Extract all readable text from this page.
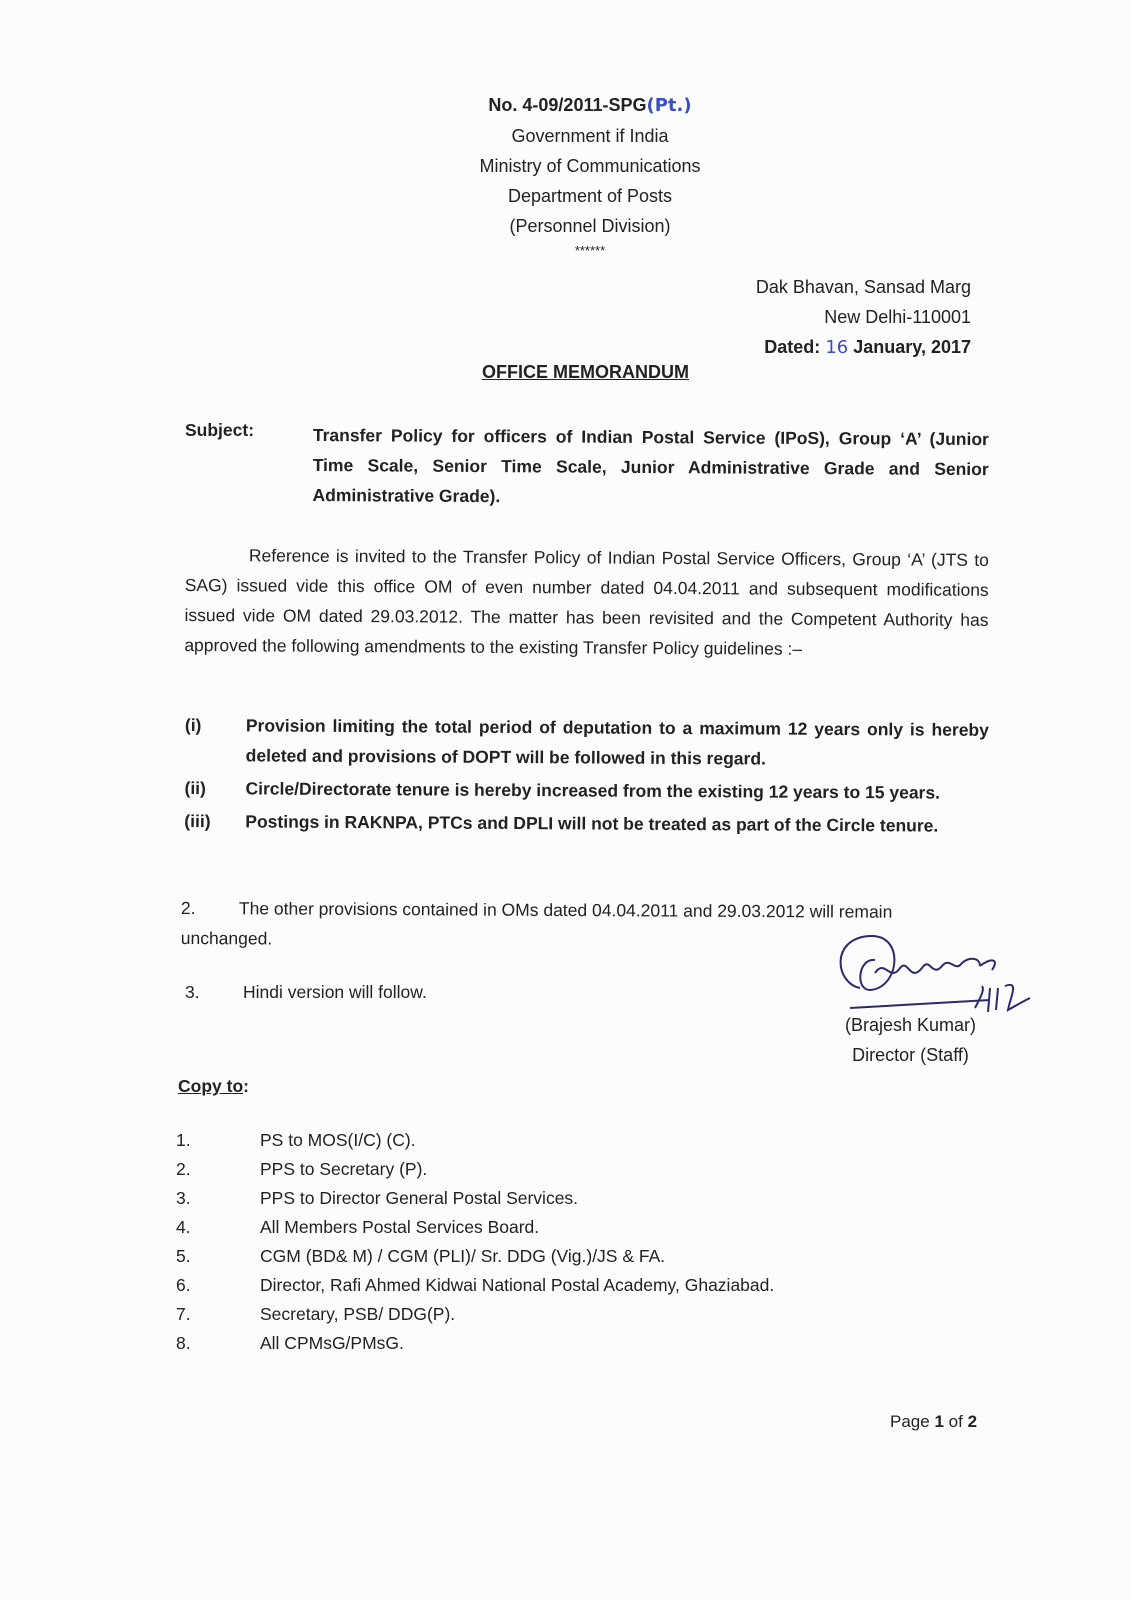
No. 4-09/2011-SPG(Pt.)
Government if India
Ministry of Communications
Department of Posts
(Personnel Division)
******
Dak Bhavan, Sansad Marg
New Delhi-110001
Dated: 16 January, 2017
OFFICE MEMORANDUM
Subject:	Transfer Policy for officers of Indian Postal Service (IPoS), Group ‘A’ (Junior Time Scale, Senior Time Scale, Junior Administrative Grade and Senior Administrative Grade).

Reference is invited to the Transfer Policy of Indian Postal Service Officers, Group ‘A’ (JTS to SAG) issued vide this office OM of even number dated 04.04.2011 and subsequent modifications issued vide OM dated 29.03.2012. The matter has been revisited and the Competent Authority has approved the following amendments to the existing Transfer Policy guidelines :–

(i)	Provision limiting the total period of deputation to a maximum 12 years only is hereby deleted and provisions of DOPT will be followed in this regard.
(ii)	Circle/Directorate tenure is hereby increased from the existing 12 years to 15 years.
(iii)	Postings in RAKNPA, PTCs and DPLI will not be treated as part of the Circle tenure.
2. The other provisions contained in OMs dated 04.04.2011 and 29.03.2012 will remain unchanged.
3. Hindi version will follow.
(Brajesh Kumar)
Director (Staff)
Copy to:
1.	PS to MOS(I/C) (C).
2.	PPS to Secretary (P).
3.	PPS to Director General Postal Services.
4.	All Members Postal Services Board.
5.	CGM (BD& M) / CGM (PLI)/ Sr. DDG (Vig.)/JS & FA.
6.	Director, Rafi Ahmed Kidwai National Postal Academy, Ghaziabad.
7.	Secretary, PSB/ DDG(P).
8.	All CPMsG/PMsG.
Page 1 of 2
